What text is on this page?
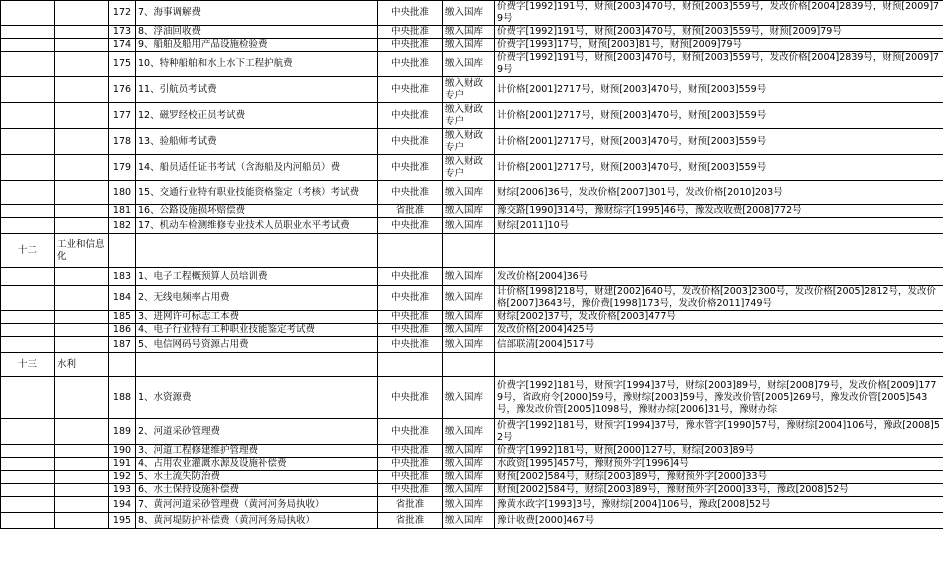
		172	7、海事调解费	中央批准	缴入国库	价费字[1992]191号，财预[2003]470号，财预[2003]559号，发改价格[2004]2839号，财预[2009]79号
		173	8、浮油回收费	中央批准	缴入国库	价费字[1992]191号，财预[2003]470号，财预[2003]559号，财预[2009]79号
		174	9、船舶及船用产品设施检验费	中央批准	缴入国库	价费字[1993]17号，财预[2003]81号，财预[2009]79号
		175	10、特种船舶和水上水下工程护航费	中央批准	缴入国库	价费字[1992]191号，财预[2003]470号，财预[2003]559号，发改价格[2004]2839号，财预[2009]79号
		176	11、引航员考试费	中央批准	缴入财政专户	计价格[2001]2717号，财预[2003]470号，财预[2003]559号
		177	12、磁罗经校正员考试费	中央批准	缴入财政专户	计价格[2001]2717号，财预[2003]470号，财预[2003]559号
		178	13、验船师考试费	中央批准	缴入财政专户	计价格[2001]2717号，财预[2003]470号，财预[2003]559号
		179	14、船员适任证书考试（含海船及内河船员）费	中央批准	缴入财政专户	计价格[2001]2717号，财预[2003]470号，财预[2003]559号
		180	15、交通行业特有职业技能资格鉴定（考核）考试费	中央批准	缴入国库	财综[2006]36号，发改价格[2007]301号，发改价格[2010]203号
		181	16、公路设施损坏赔偿费	省批准	缴入国库	豫交路[1990]314号，豫财综字[1995]46号，豫发改收费[2008]772号
		182	17、机动车检测维修专业技术人员职业水平考试费	中央批准	缴入国库	财综[2011]10号
十二	工业和信息化					
		183	1、电子工程概预算人员培训费	中央批准	缴入国库	发改价格[2004]36号
		184	2、无线电频率占用费	中央批准	缴入国库	计价格[1998]218号，财建[2002]640号，发改价格[2003]2300号，发改价格[2005]2812号，发改价格[2007]3643号，豫价费[1998]173号，发改价格2011]749号
		185	3、进网许可标志工本费	中央批准	缴入国库	财综[2002]37号，发改价格[2003]477号
		186	4、电子行业特有工种职业技能鉴定考试费	中央批准	缴入国库	发改价格[2004]425号
		187	5、电信网码号资源占用费	中央批准	缴入国库	信部联清[2004]517号
十三	水利					
		188	1、水资源费	中央批准	缴入国库	价费字[1992]181号，财预字[1994]37号，财综[2003]89号，财综[2008]79号，发改价格[2009]1779号，省政府令[2000]59号，豫财综[2003]59号，豫发改价管[2005]269号，豫发改价管[2005]543号，豫发改价管[2005]1098号，豫财办综[2006]31号，豫财办综
		189	2、河道采砂管理费	中央批准	缴入国库	价费字[1992]181号，财预字[1994]37号，豫水管字[1990]57号，豫财综[2004]106号，豫政[2008]52号
		190	3、河道工程修建维护管理费	中央批准	缴入国库	价费字[1992]181号，财预[2000]127号，财综[2003]89号
		191	4、占用农业灌溉水源及设施补偿费	中央批准	缴入国库	水政资[1995]457号，豫财预外字[1996]4号
		192	5、水土流失防治费	中央批准	缴入国库	财预[2002]584号，财综[2003]89号，豫财预外字[2000]33号
		193	6、水土保持设施补偿费	中央批准	缴入国库	财预[2002]584号，财综[2003]89号，豫财预外字[2000]33号，豫政[2008]52号
		194	7、黄河河道采砂管理费（黄河河务局执收）	省批准	缴入国库	豫黄水政字[1993]3号，豫财综[2004]106号，豫政[2008]52号
		195	8、黄河堤防护补偿费（黄河河务局执收）	省批准	缴入国库	豫计收费[2000]467号
